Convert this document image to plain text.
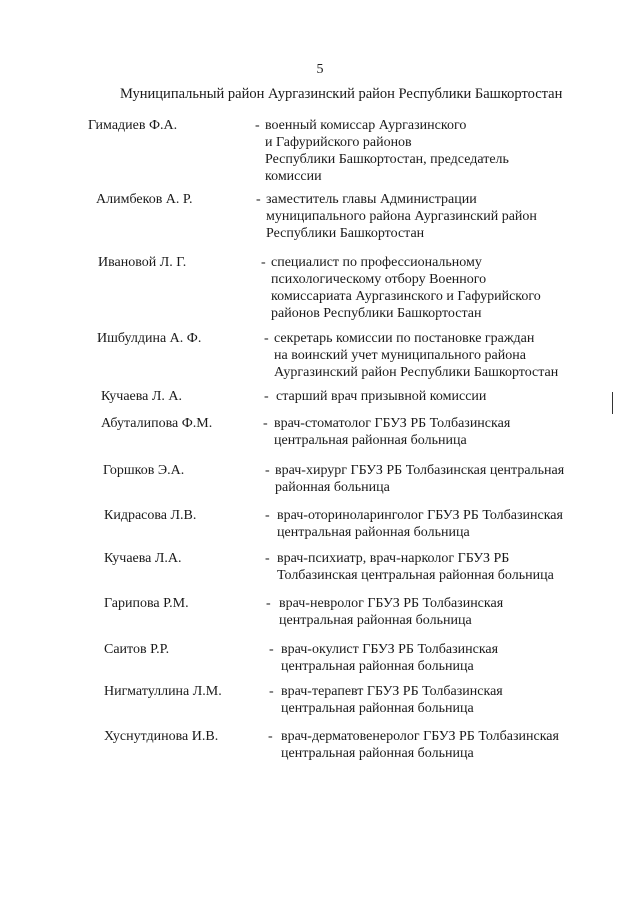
5
Муниципальный район Аургазинский район Республики Башкортостан
Гимадиев Ф.А.	- военный комиссар Аургазинского
и Гафурийского районов
Республики Башкортостан, председатель
комиссии
Алимбеков А. Р.	- заместитель главы Администрации
муниципального района Аургазинский район
Республики Башкортостан
Ивановой Л. Г.	- специалист по профессиональному
психологическому отбору Военного
комиссариата Аургазинского и Гафурийского
районов Республики Башкортостан
Ишбулдина А. Ф.	- секретарь комиссии по постановке граждан
на воинский учет муниципального района
Аургазинский район Республики Башкортостан
Кучаева Л. А.	- старший врач призывной комиссии
Абуталипова Ф.М.	- врач-стоматолог ГБУЗ РБ Толбазинская
центральная районная больница
Горшков Э.А.	- врач-хирург ГБУЗ РБ Толбазинская центральная
районная больница
Кидрасова Л.В.	- врач-оториноларинголог ГБУЗ РБ Толбазинская
центральная районная больница
Кучаева Л.А.	- врач-психиатр, врач-нарколог ГБУЗ РБ
Толбазинская центральная районная больница
Гарипова Р.М.	- врач-невролог ГБУЗ РБ Толбазинская
центральная районная больница
Саитов Р.Р.	- врач-окулист ГБУЗ РБ Толбазинская
центральная районная больница
Нигматуллина Л.М.	- врач-терапевт ГБУЗ РБ Толбазинская
центральная районная больница
Хуснутдинова И.В.	- врач-дерматовенеролог ГБУЗ РБ Толбазинская
центральная районная больница
